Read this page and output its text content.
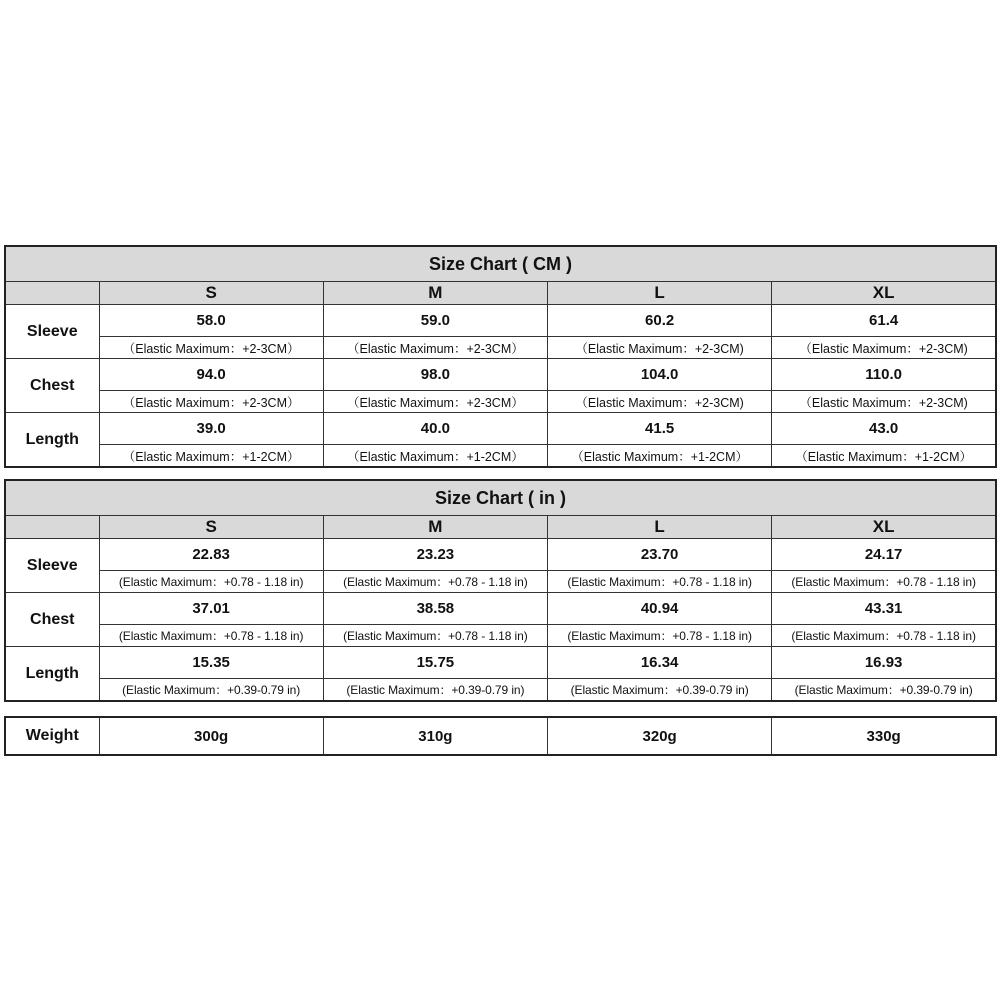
Size Chart ( CM )				
	S	M	L	XL
Sleeve	58.0	59.0	60.2	61.4
	（Elastic Maximum：+2-3CM）	（Elastic Maximum：+2-3CM）	（Elastic Maximum：+2-3CM)	（Elastic Maximum：+2-3CM)
Chest	94.0	98.0	104.0	110.0
	（Elastic Maximum：+2-3CM）	（Elastic Maximum：+2-3CM）	（Elastic Maximum：+2-3CM)	（Elastic Maximum：+2-3CM)
Length	39.0	40.0	41.5	43.0
	（Elastic Maximum：+1-2CM）	（Elastic Maximum：+1-2CM）	（Elastic Maximum：+1-2CM）	（Elastic Maximum：+1-2CM）
Size Chart ( in )				
	S	M	L	XL
Sleeve	22.83	23.23	23.70	24.17
	(Elastic Maximum：+0.78 - 1.18 in)	(Elastic Maximum：+0.78 - 1.18 in)	(Elastic Maximum：+0.78 - 1.18 in)	(Elastic Maximum：+0.78 - 1.18 in)
Chest	37.01	38.58	40.94	43.31
	(Elastic Maximum：+0.78 - 1.18 in)	(Elastic Maximum：+0.78 - 1.18 in)	(Elastic Maximum：+0.78 - 1.18 in)	(Elastic Maximum：+0.78 - 1.18 in)
Length	15.35	15.75	16.34	16.93
	(Elastic Maximum：+0.39-0.79 in)	(Elastic Maximum：+0.39-0.79 in)	(Elastic Maximum：+0.39-0.79 in)	(Elastic Maximum：+0.39-0.79 in)
Weight	300g	310g	320g	330g
